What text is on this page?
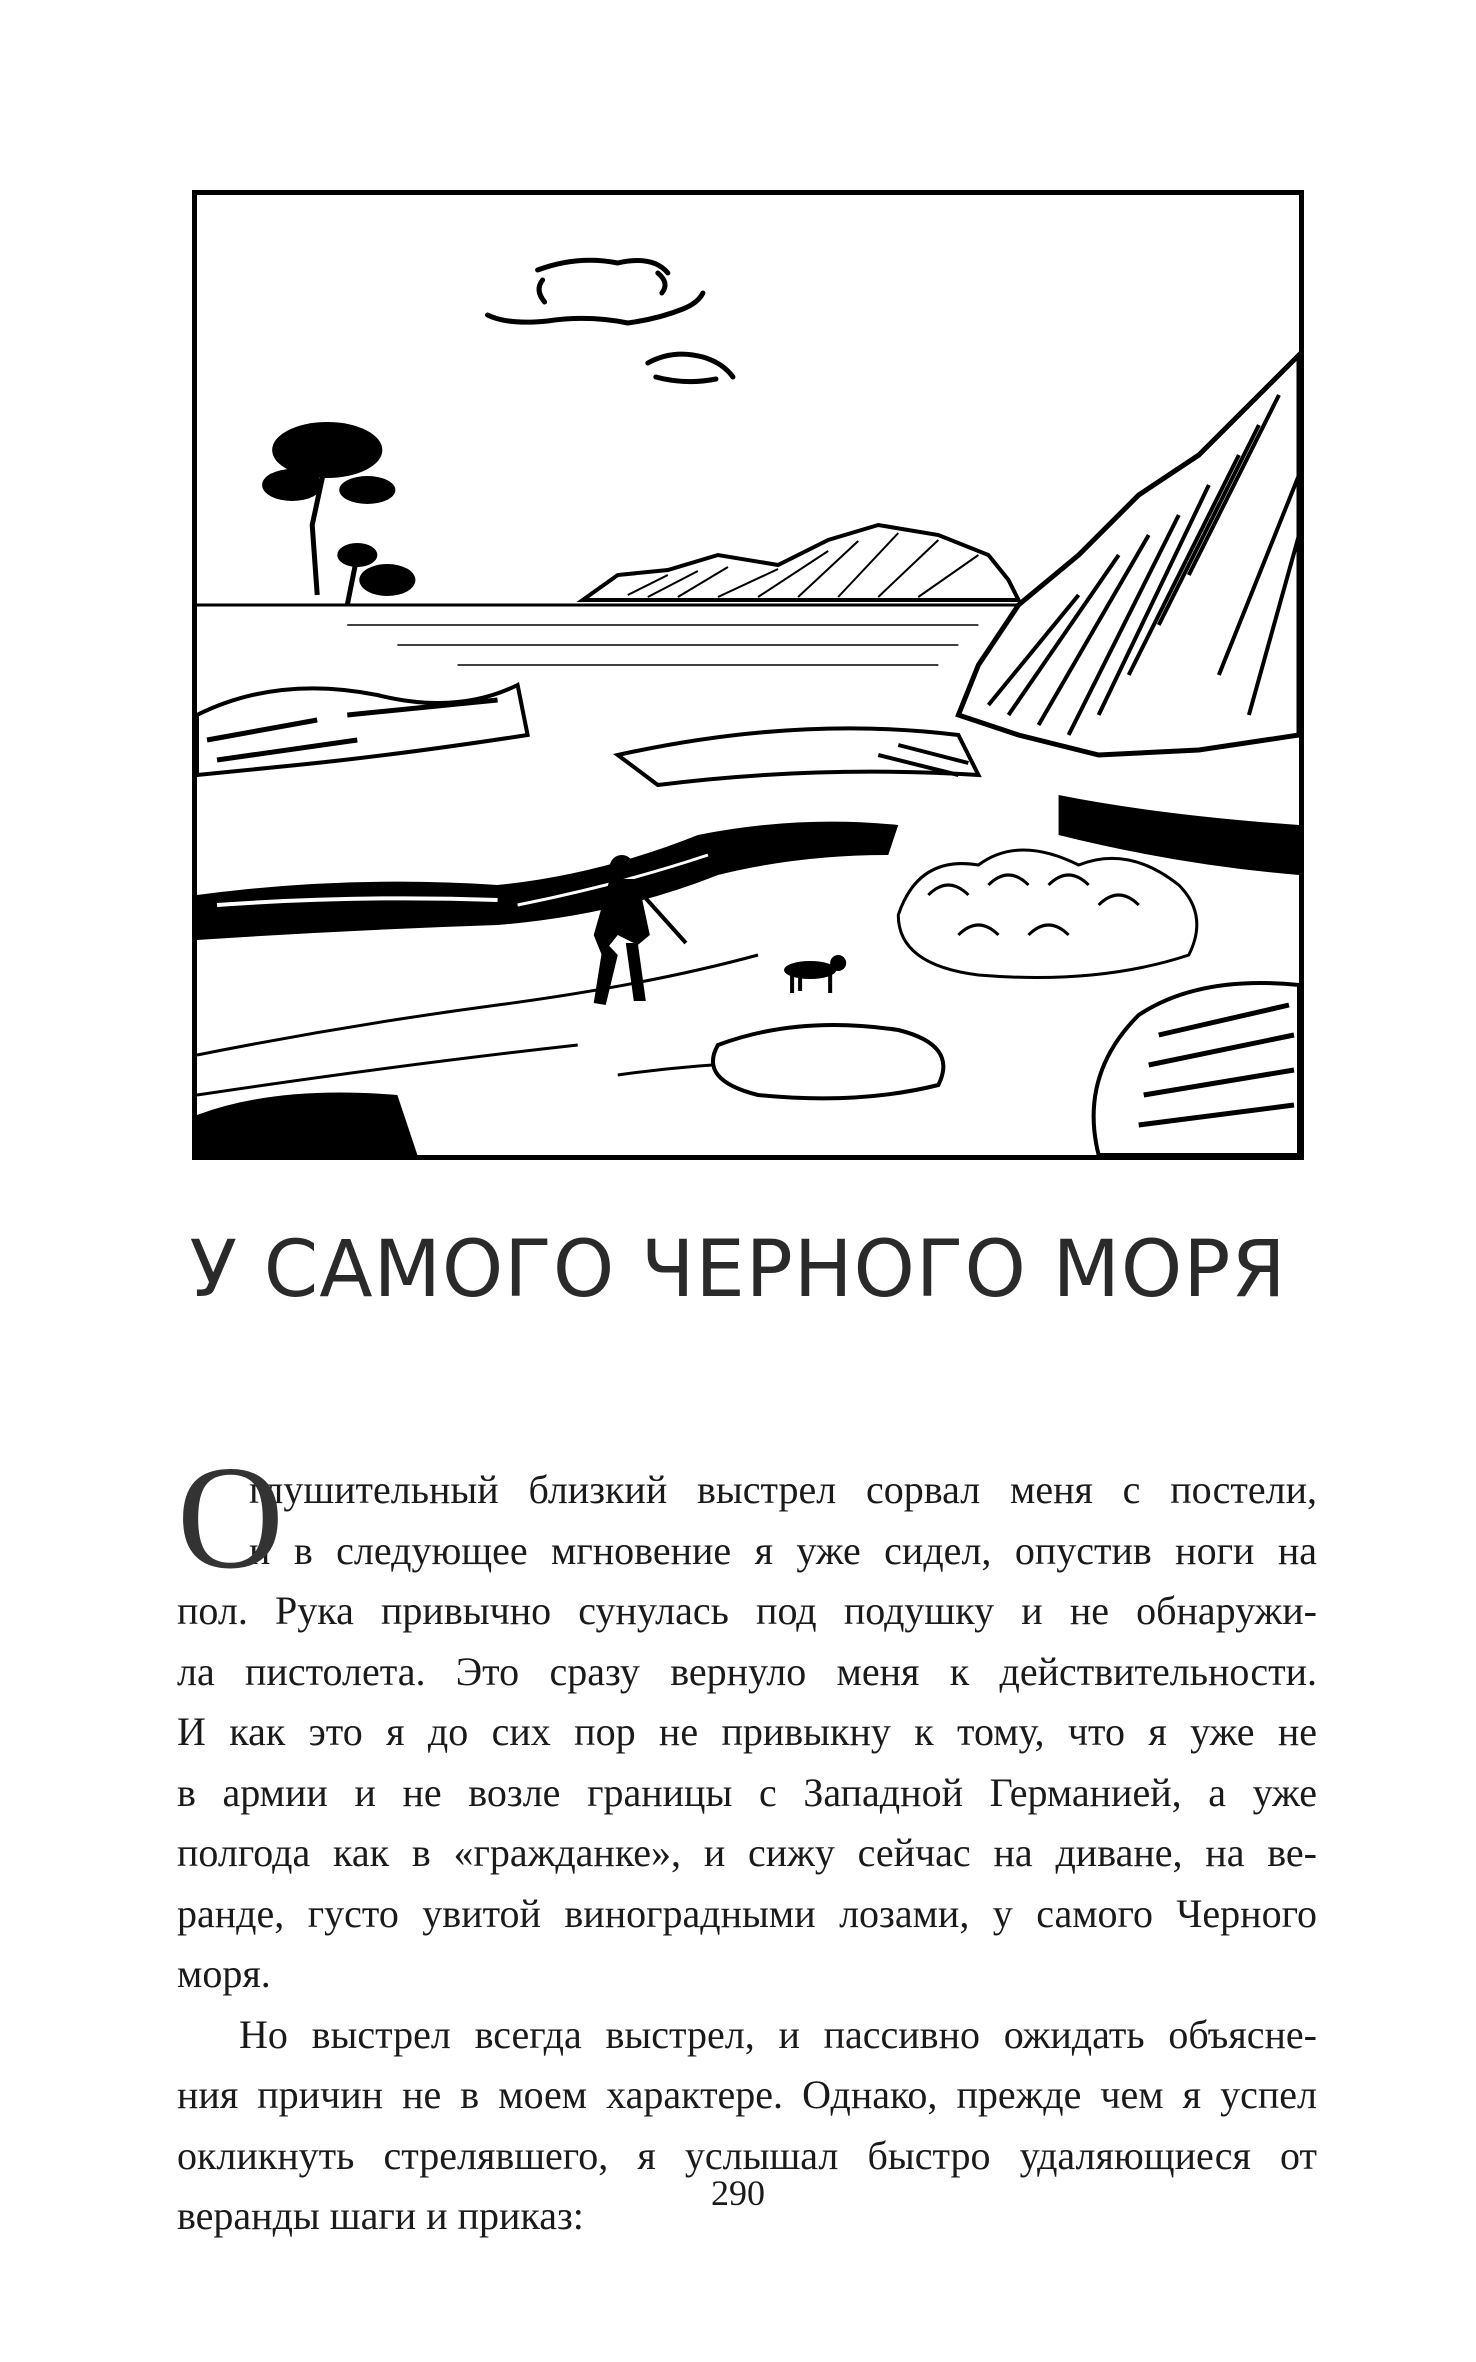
У САМОГО ЧЕРНОГО МОРЯ

О
глушительный близкий выстрел сорвал меня с постели,
и в следующее мгновение я уже сидел, опустив ноги на
пол. Рука привычно сунулась под подушку и не обнаружи-
ла пистолета. Это сразу вернуло меня к действительности.
И как это я до сих пор не привыкну к тому, что я уже не
в армии и не возле границы с Западной Германией, а уже
полгода как в «гражданке», и сижу сейчас на диване, на ве-
ранде, густо увитой виноградными лозами, у самого Черного
моря.

Но выстрел всегда выстрел, и пассивно ожидать объясне-
ния причин не в моем характере. Однако, прежде чем я успел
окликнуть стрелявшего, я услышал быстро удаляющиеся от
веранды шаги и приказ:	290
